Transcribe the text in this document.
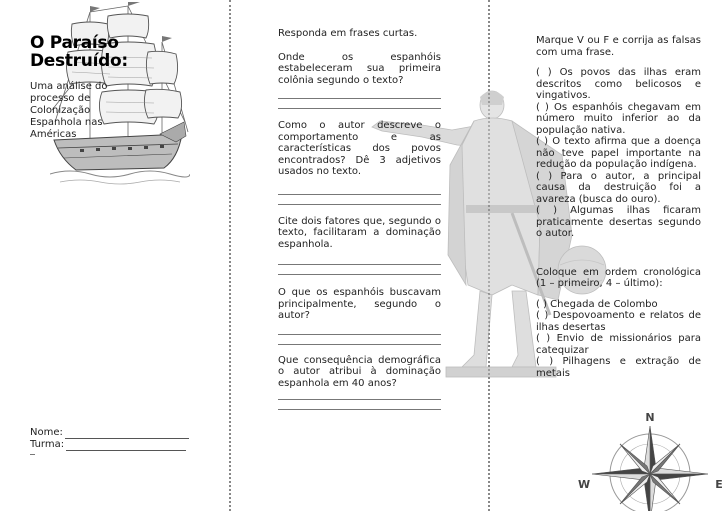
O Paraíso
Destruído:
Uma análise do
processo de
Colonização
Espanhola nas
Américas
Nome:
Turma:

Responda em frases curtas.

Onde os espanhóis estabeleceram sua primeira colônia segundo o texto?

Como o autor descreve o comportamento e as características dos povos encontrados? Dê 3 adjetivos usados no texto.

Cite dois fatores que, segundo o texto, facilitaram a dominação espanhola.

O que os espanhóis buscavam principalmente, segundo o autor?

Que consequência demográfica o autor atribui à dominação espanhola em 40 anos?

Marque V ou F e corrija as falsas com uma frase.

( ) Os povos das ilhas eram descritos como belicosos e vingativos.

( ) Os espanhóis chegavam em número muito inferior ao da população nativa.

( ) O texto afirma que a doença não teve papel importante na redução da população indígena.

( ) Para o autor, a principal causa da destruição foi a avareza (busca do ouro).

( ) Algumas ilhas ficaram praticamente desertas segundo o autor.

Coloque em ordem cronológica (1 – primeiro, 4 – último):

( ) Chegada de Colombo

( ) Despovoamento e relatos de ilhas desertas

( ) Envio de missionários para catequizar

( ) Pilhagens e extração de metais

N
W	E
